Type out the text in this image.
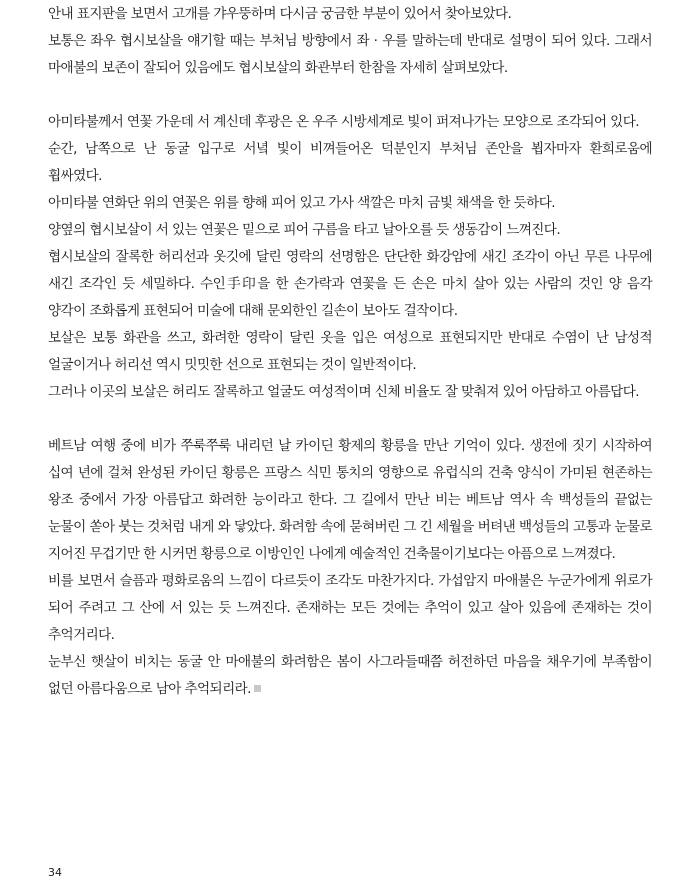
안내 표지판을 보면서 고개를 갸우뚱하며 다시금 궁금한 부분이 있어서 찾아보았다.

보통은 좌우 협시보살을 얘기할 때는 부처님 방향에서 좌 · 우를 말하는데 반대로 설명이 되어 있다. 그래서 마애불의 보존이 잘되어 있음에도 협시보살의 화관부터 한참을 자세히 살펴보았다.

아미타불께서 연꽃 가운데 서 계신데 후광은 온 우주 시방세계로 빛이 퍼져나가는 모양으로 조각되어 있다.

순간, 남쪽으로 난 동굴 입구로 서녘 빛이 비껴들어온 덕분인지 부처님 존안을 뵙자마자 환희로움에 휩싸였다.

아미타불 연화단 위의 연꽃은 위를 향해 피어 있고 가사 색깔은 마치 금빛 채색을 한 듯하다.

양옆의 협시보살이 서 있는 연꽃은 밑으로 피어 구름을 타고 날아오를 듯 생동감이 느껴진다.

협시보살의 잘록한 허리선과 옷깃에 달린 영락의 선명함은 단단한 화강암에 새긴 조각이 아닌 무른 나무에 새긴 조각인 듯 세밀하다. 수인手印을 한 손가락과 연꽃을 든 손은 마치 살아 있는 사람의 것인 양 음각 양각이 조화롭게 표현되어 미술에 대해 문외한인 길손이 보아도 걸작이다.

보살은 보통 화관을 쓰고, 화려한 영락이 달린 옷을 입은 여성으로 표현되지만 반대로 수염이 난 남성적 얼굴이거나 허리선 역시 밋밋한 선으로 표현되는 것이 일반적이다.

그러나 이곳의 보살은 허리도 잘록하고 얼굴도 여성적이며 신체 비율도 잘 맞춰져 있어 아담하고 아름답다.

베트남 여행 중에 비가 쭈룩쭈룩 내리던 날 카이딘 황제의 황릉을 만난 기억이 있다. 생전에 짓기 시작하여 십여 년에 걸쳐 완성된 카이딘 황릉은 프랑스 식민 통치의 영향으로 유럽식의 건축 양식이 가미된 현존하는 왕조 중에서 가장 아름답고 화려한 능이라고 한다. 그 길에서 만난 비는 베트남 역사 속 백성들의 끝없는 눈물이 쏟아 붓는 것처럼 내게 와 닿았다. 화려함 속에 묻혀버린 그 긴 세월을 버텨낸 백성들의 고통과 눈물로 지어진 무겁기만 한 시커먼 황릉으로 이방인인 나에게 예술적인 건축물이기보다는 아픔으로 느껴졌다.

비를 보면서 슬픔과 평화로움의 느낌이 다르듯이 조각도 마찬가지다. 가섭암지 마애불은 누군가에게 위로가 되어 주려고 그 산에 서 있는 듯 느껴진다. 존재하는 모든 것에는 추억이 있고 살아 있음에 존재하는 것이 추억거리다.

눈부신 햇살이 비치는 동굴 안 마애불의 화려함은 봄이 사그라들때쯤 허전하던 마음을 채우기에 부족함이 없던 아름다움으로 남아 추억되리라.

34
